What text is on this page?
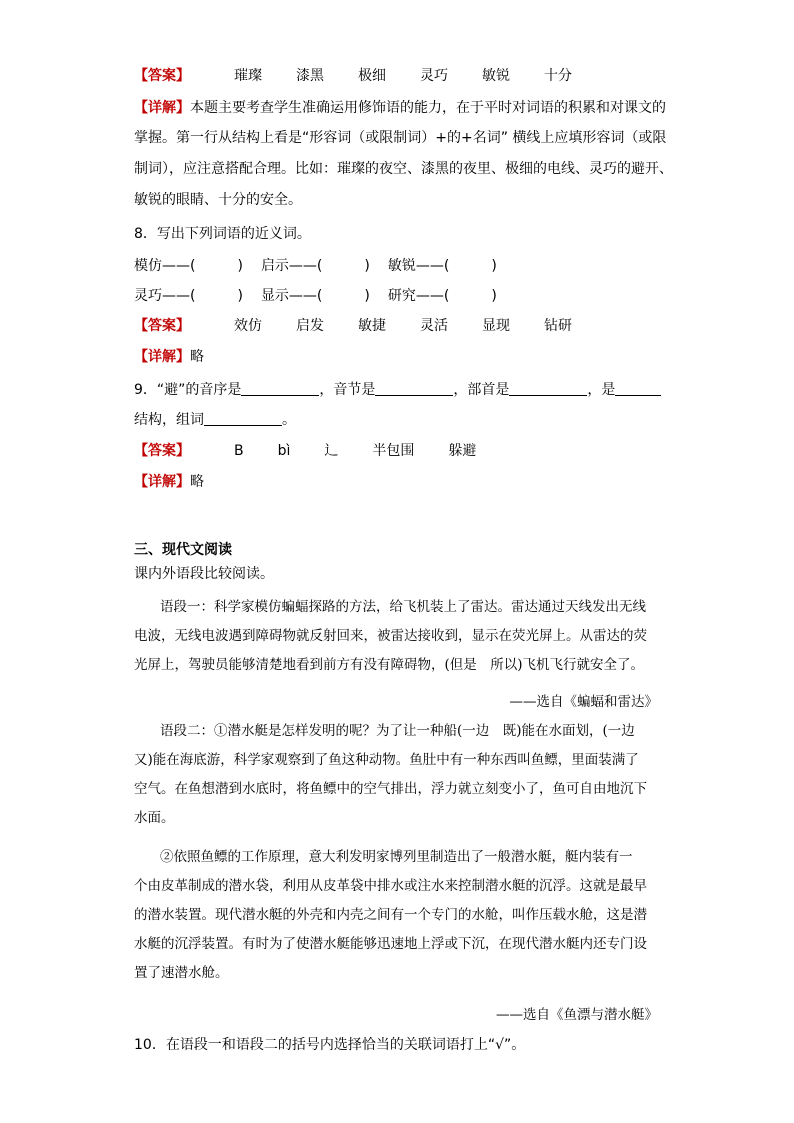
【答案】	璀璨 漆黑 极细 灵巧 敏锐 十分
【详解】本题主要考查学生准确运用修饰语的能力，在于平时对词语的积累和对课文的
掌握。第一行从结构上看是“形容词（或限制词）+的+名词” 横线上应填形容词（或限
制词），应注意搭配合理。比如：璀璨的夜空、漆黑的夜里、极细的电线、灵巧的避开、
敏锐的眼睛、十分的安全。
8．写出下列词语的近义词。
模仿——(　　　) 启示——(　　　) 敏锐——(　　　)
灵巧——(　　　) 显示——(　　　) 研究——(　　　)
【答案】	效仿 启发 敏捷 灵活 显现 钻研
【详解】略
9．“避”的音序是	，音节是	，部首是	，是
结构，组词	。
【答案】	B bì 辶 半包围 躲避
【详解】略
三、现代文阅读
课内外语段比较阅读。
语段一：科学家模仿蝙蝠探路的方法，给飞机装上了雷达。雷达通过天线发出无线
电波，无线电波遇到障碍物就反射回来，被雷达接收到，显示在荧光屏上。从雷达的荧
光屏上，驾驶员能够清楚地看到前方有没有障碍物，(但是　所以)飞机飞行就安全了。
——选自《蝙蝠和雷达》
语段二：①潜水艇是怎样发明的呢？为了让一种船(一边　既)能在水面划，(一边
又)能在海底游，科学家观察到了鱼这种动物。鱼肚中有一种东西叫鱼鳔，里面装满了
空气。在鱼想潜到水底时，将鱼鳔中的空气排出，浮力就立刻变小了，鱼可自由地沉下
水面。
②依照鱼鳔的工作原理，意大利发明家博列里制造出了一般潜水艇，艇内装有一
个由皮革制成的潜水袋，利用从皮革袋中排水或注水来控制潜水艇的沉浮。这就是最早
的潜水装置。现代潜水艇的外壳和内壳之间有一个专门的水舱，叫作压载水舱，这是潜
水艇的沉浮装置。有时为了使潜水艇能够迅速地上浮或下沉，在现代潜水艇内还专门设
置了速潜水舱。
——选自《鱼漂与潜水艇》
10．在语段一和语段二的括号内选择恰当的关联词语打上“√”。
